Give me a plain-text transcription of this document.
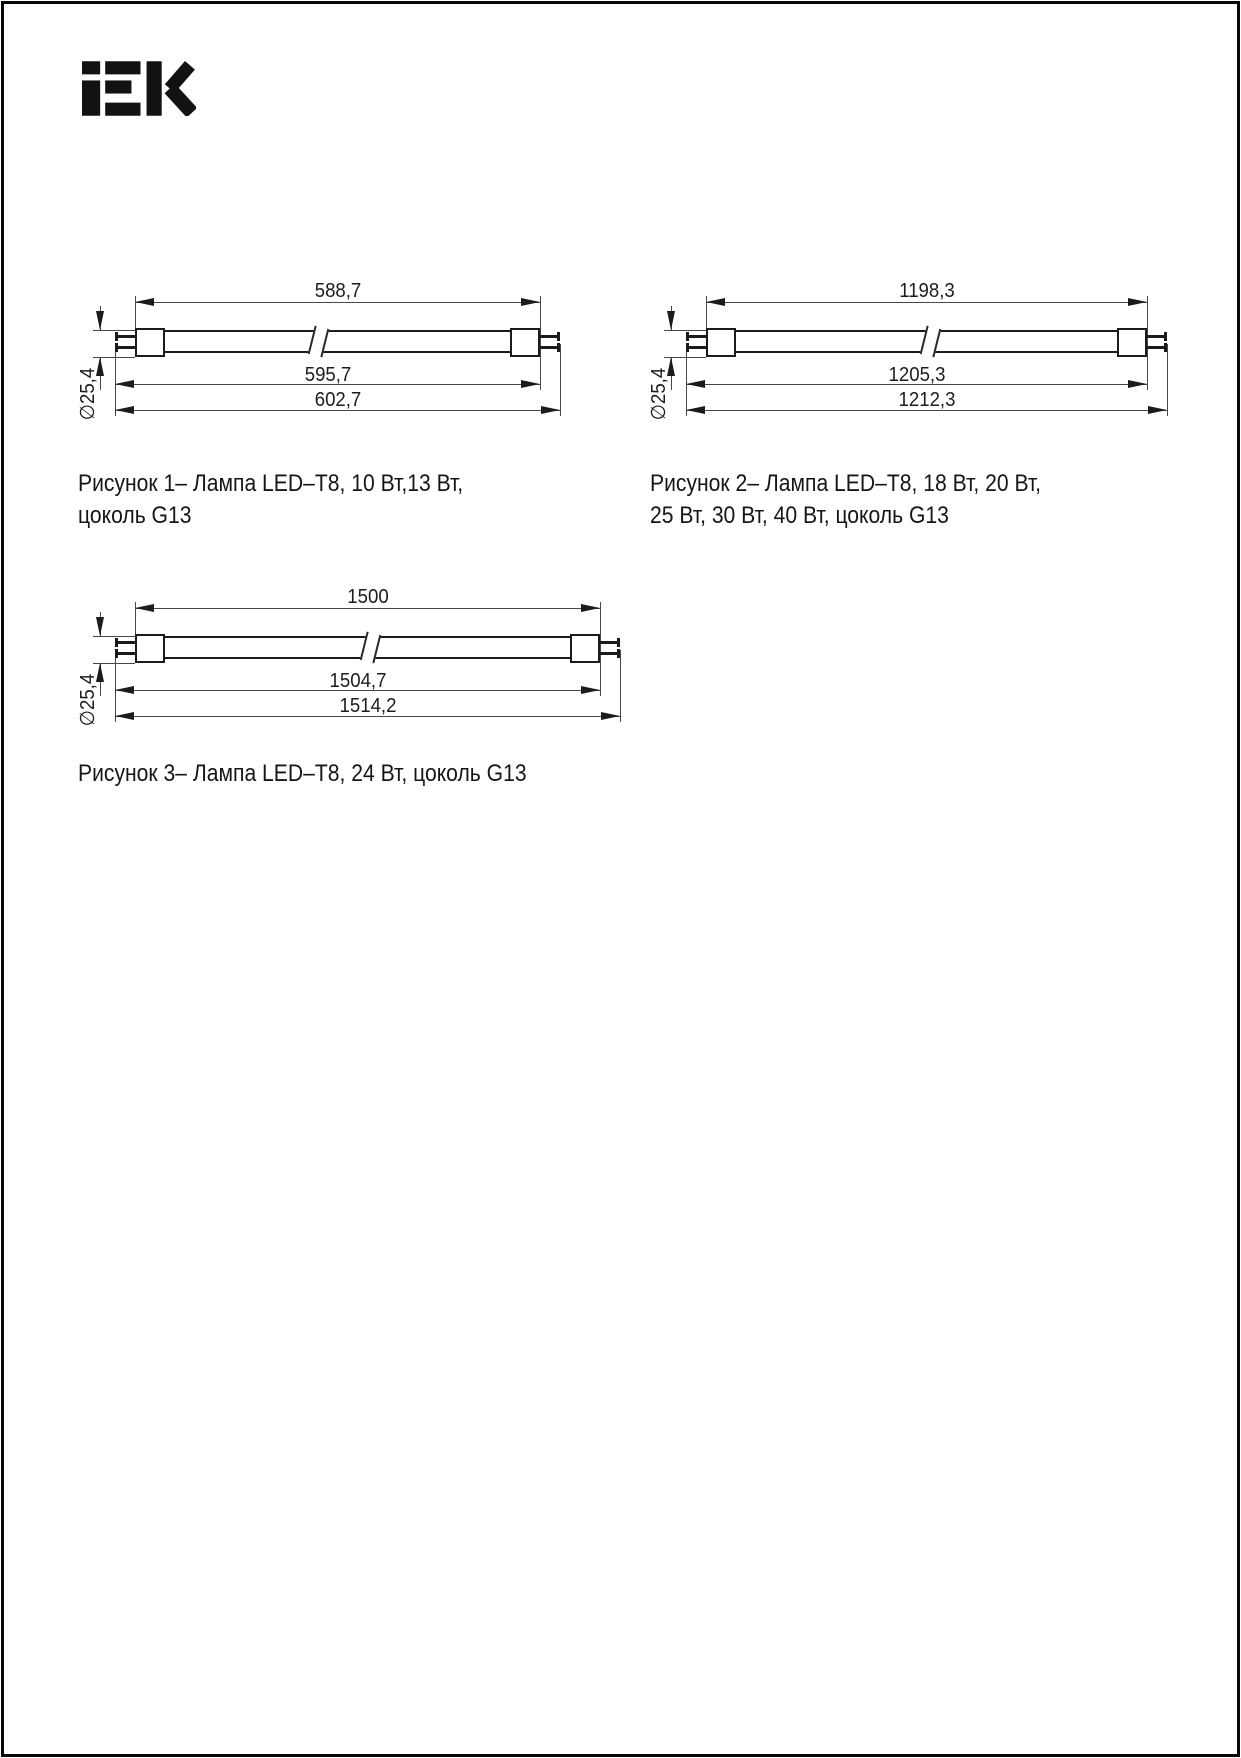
Рисунок 1– Лампа LED–T8, 10 Вт,13 Вт,
цоколь G13
Рисунок 2– Лампа LED–T8, 18 Вт, 20 Вт,
25 Вт, 30 Вт, 40 Вт, цоколь G13
Рисунок 3– Лампа LED–T8, 24 Вт, цоколь G13
588,7
∅25,4	595,7
602,7
1198,3
∅25,4	1205,3
1212,3
1500
∅25,4	1504,7
1514,2
